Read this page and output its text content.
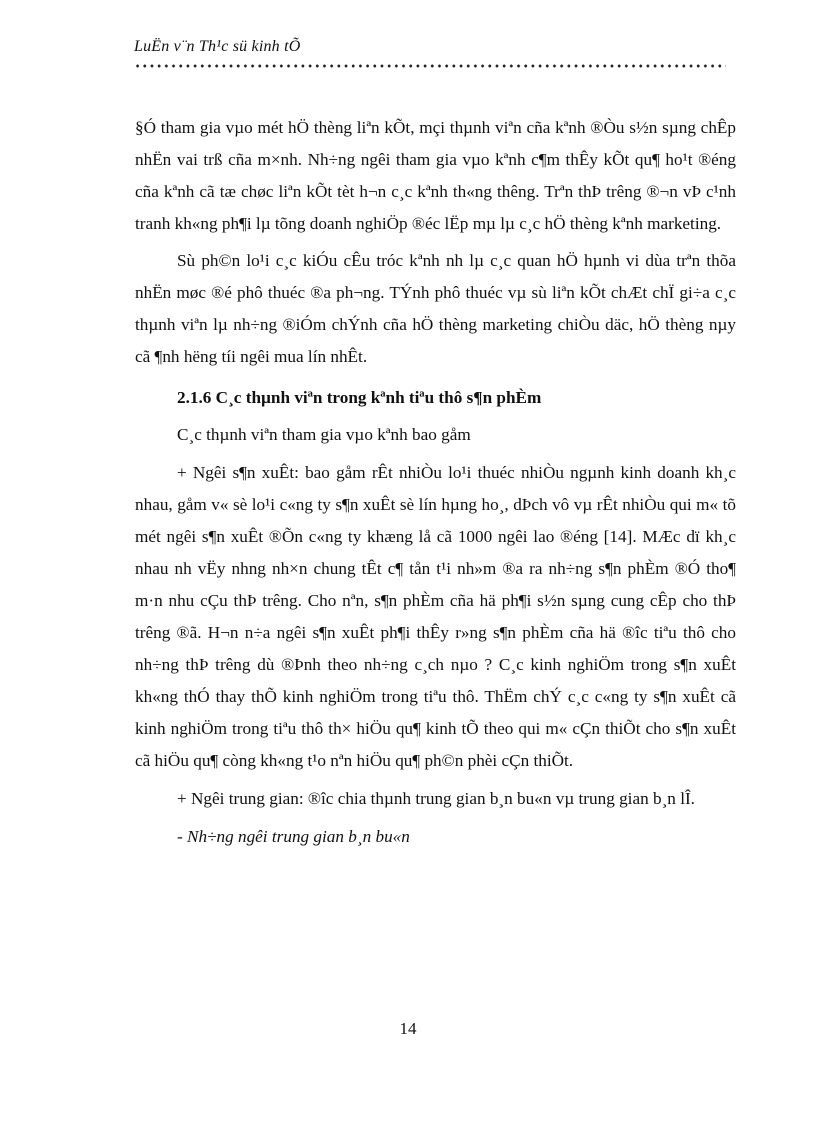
LuËn v¨n Th¹c sü kinh tÕ

§Ó tham gia vµo mét hÖ thèng liªn kÕt, mçi thµnh viªn cña kªnh ®Òu s½n sµng chÊp nhËn vai trß cña m×nh. Nh÷ng ngêi tham gia vµo kªnh c¶m thÊy kÕt qu¶ ho¹t ®éng cña kªnh cã tæ chøc liªn kÕt tèt h¬n c¸c kªnh th«ng thêng. Trªn thÞ trêng ®¬n vÞ c¹nh tranh kh«ng ph¶i lµ tõng doanh nghiÖp ®éc lËp mµ lµ c¸c hÖ thèng kªnh marketing.

Sù ph©n lo¹i c¸c kiÓu cÊu tróc kªnh nh lµ c¸c quan hÖ hµnh vi dùa trªn thõa nhËn møc ®é phô thuéc ®a ph¬ng. TÝnh phô thuéc vµ sù liªn kÕt chÆt chÏ gi÷a c¸c thµnh viªn lµ nh÷ng ®iÓm chÝnh cña hÖ thèng marketing chiÒu däc, hÖ thèng nµy cã ¶nh hëng tíi ngêi mua lín nhÊt.

2.1.6 C¸c thµnh viªn trong kªnh tiªu thô s¶n phÈm

C¸c thµnh viªn tham gia vµo kªnh bao gåm

+ Ngêi s¶n xuÊt: bao gåm rÊt nhiÒu lo¹i thuéc nhiÒu ngµnh kinh doanh kh¸c nhau, gåm v« sè lo¹i c«ng ty s¶n xuÊt sè lín hµng ho¸, dÞch vô vµ rÊt nhiÒu qui m« tõ mét ngêi s¶n xuÊt ®Õn c«ng ty khæng lå cã 1000 ngêi lao ®éng [14]. MÆc dï kh¸c nhau nh vËy nhng nh×n chung tÊt c¶ tån t¹i nh»m ®a ra nh÷ng s¶n phÈm ®Ó tho¶ m·n nhu cÇu thÞ trêng. Cho nªn, s¶n phÈm cña hä ph¶i s½n sµng cung cÊp cho thÞ trêng ®ã. H¬n n÷a ngêi s¶n xuÊt ph¶i thÊy r»ng s¶n phÈm cña hä ®îc tiªu thô cho nh÷ng thÞ trêng dù ®Þnh theo nh÷ng c¸ch nµo ? C¸c kinh nghiÖm trong s¶n xuÊt kh«ng thÓ thay thÕ kinh nghiÖm trong tiªu thô. ThËm chÝ c¸c c«ng ty s¶n xuÊt cã kinh nghiÖm trong tiªu thô th× hiÖu qu¶ kinh tÕ theo qui m« cÇn thiÕt cho s¶n xuÊt cã hiÖu qu¶ còng kh«ng t¹o nªn hiÖu qu¶ ph©n phèi cÇn thiÕt.

+ Ngêi trung gian: ®îc chia thµnh trung gian b¸n bu«n vµ trung gian b¸n lÎ.

- Nh÷ng ngêi trung gian b¸n bu«n

14
